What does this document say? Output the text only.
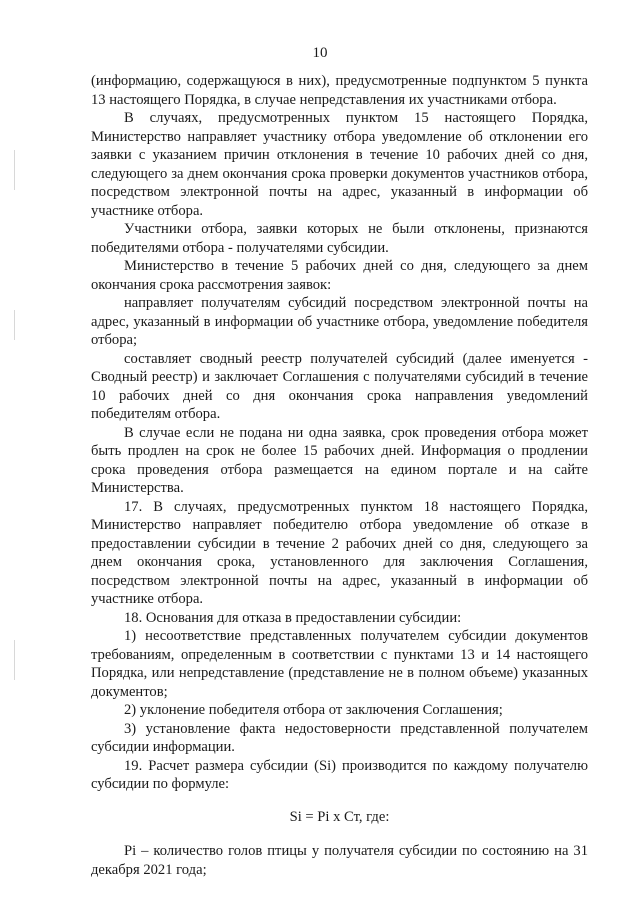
10

(информацию, содержащуюся в них), предусмотренные подпунктом 5 пункта 13 настоящего Порядка, в случае непредставления их участниками отбора.

В случаях, предусмотренных пунктом 15 настоящего Порядка, Министерство направляет участнику отбора уведомление об отклонении его заявки с указанием причин отклонения в течение 10 рабочих дней со дня, следующего за днем окончания срока проверки документов участников отбора, посредством электронной почты на адрес, указанный в информации об участнике отбора.

Участники отбора, заявки которых не были отклонены, признаются победителями отбора - получателями субсидии.

Министерство в течение 5 рабочих дней со дня, следующего за днем окончания срока рассмотрения заявок:

направляет получателям субсидий посредством электронной почты на адрес, указанный в информации об участнике отбора, уведомление победителя отбора;

составляет сводный реестр получателей субсидий (далее именуется - Сводный реестр) и заключает Соглашения с получателями субсидий в течение 10 рабочих дней со дня окончания срока направления уведомлений победителям отбора.

В случае если не подана ни одна заявка, срок проведения отбора может быть продлен на срок не более 15 рабочих дней. Информация о продлении срока проведения отбора размещается на едином портале и на сайте Министерства.

17. В случаях, предусмотренных пунктом 18 настоящего Порядка, Министерство направляет победителю отбора уведомление об отказе в предоставлении субсидии в течение 2 рабочих дней со дня, следующего за днем окончания срока, установленного для заключения Соглашения, посредством электронной почты на адрес, указанный в информации об участнике отбора.

18. Основания для отказа в предоставлении субсидии:

1) несоответствие представленных получателем субсидии документов требованиям, определенным в соответствии с пунктами 13 и 14 настоящего Порядка, или непредставление (представление не в полном объеме) указанных документов;

2) уклонение победителя отбора от заключения Соглашения;

3) установление факта недостоверности представленной получателем субсидии информации.

19. Расчет размера субсидии (Si) производится по каждому получателю субсидии по формуле:

Si = Pi x Ст, где:

Pi – количество голов птицы у получателя субсидии по состоянию на 31 декабря 2021 года;
